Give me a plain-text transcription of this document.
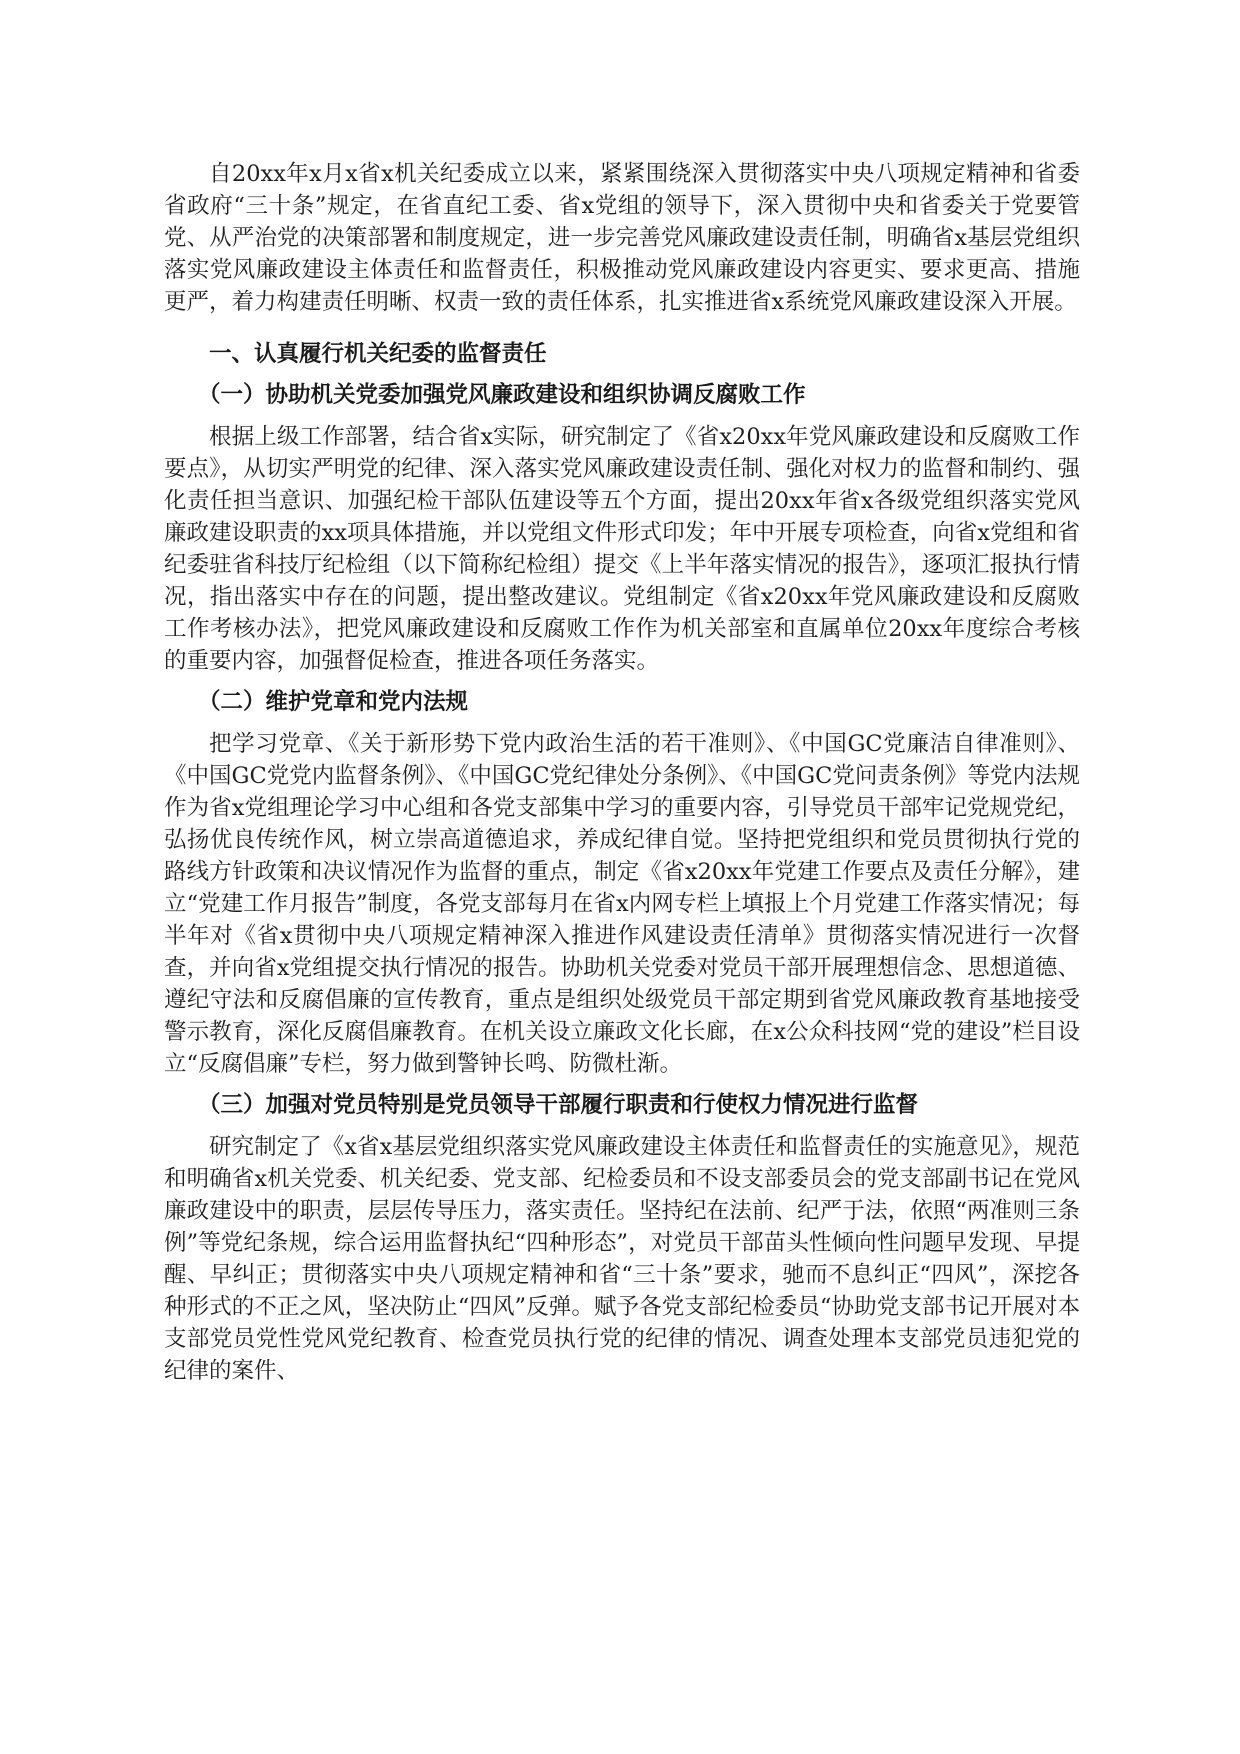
自20xx年x月x省x机关纪委成立以来，紧紧围绕深入贯彻落实中央八项规定精神和省委省政府“三十条”规定，在省直纪工委、省x党组的领导下，深入贯彻中央和省委关于党要管党、从严治党的决策部署和制度规定，进一步完善党风廉政建设责任制，明确省x基层党组织落实党风廉政建设主体责任和监督责任，积极推动党风廉政建设内容更实、要求更高、措施更严，着力构建责任明晰、权责一致的责任体系，扎实推进省x系统党风廉政建设深入开展。

一、认真履行机关纪委的监督责任

（一）协助机关党委加强党风廉政建设和组织协调反腐败工作

根据上级工作部署，结合省x实际，研究制定了《省x20xx年党风廉政建设和反腐败工作要点》，从切实严明党的纪律、深入落实党风廉政建设责任制、强化对权力的监督和制约、强化责任担当意识、加强纪检干部队伍建设等五个方面，提出20xx年省x各级党组织落实党风廉政建设职责的xx项具体措施，并以党组文件形式印发；年中开展专项检查，向省x党组和省纪委驻省科技厅纪检组（以下简称纪检组）提交《上半年落实情况的报告》，逐项汇报执行情况，指出落实中存在的问题，提出整改建议。党组制定《省x20xx年党风廉政建设和反腐败工作考核办法》，把党风廉政建设和反腐败工作作为机关部室和直属单位20xx年度综合考核的重要内容，加强督促检查，推进各项任务落实。

（二）维护党章和党内法规

把学习党章、《关于新形势下党内政治生活的若干准则》、《中国GC党廉洁自律准则》、《中国GC党党内监督条例》、《中国GC党纪律处分条例》、《中国GC党问责条例》等党内法规作为省x党组理论学习中心组和各党支部集中学习的重要内容，引导党员干部牢记党规党纪，弘扬优良传统作风，树立崇高道德追求，养成纪律自觉。坚持把党组织和党员贯彻执行党的路线方针政策和决议情况作为监督的重点，制定《省x20xx年党建工作要点及责任分解》，建立“党建工作月报告”制度，各党支部每月在省x内网专栏上填报上个月党建工作落实情况；每半年对《省x贯彻中央八项规定精神深入推进作风建设责任清单》贯彻落实情况进行一次督查，并向省x党组提交执行情况的报告。协助机关党委对党员干部开展理想信念、思想道德、遵纪守法和反腐倡廉的宣传教育，重点是组织处级党员干部定期到省党风廉政教育基地接受警示教育，深化反腐倡廉教育。在机关设立廉政文化长廊，在x公众科技网“党的建设”栏目设立“反腐倡廉”专栏，努力做到警钟长鸣、防微杜渐。

（三）加强对党员特别是党员领导干部履行职责和行使权力情况进行监督

研究制定了《x省x基层党组织落实党风廉政建设主体责任和监督责任的实施意见》，规范和明确省x机关党委、机关纪委、党支部、纪检委员和不设支部委员会的党支部副书记在党风廉政建设中的职责，层层传导压力，落实责任。坚持纪在法前、纪严于法，依照“两准则三条例”等党纪条规，综合运用监督执纪“四种形态”，对党员干部苗头性倾向性问题早发现、早提醒、早纠正；贯彻落实中央八项规定精神和省“三十条”要求，驰而不息纠正“四风”，深挖各种形式的不正之风，坚决防止“四风”反弹。赋予各党支部纪检委员“协助党支部书记开展对本支部党员党性党风党纪教育、检查党员执行党的纪律的情况、调查处理本支部党员违犯党的纪律的案件、
